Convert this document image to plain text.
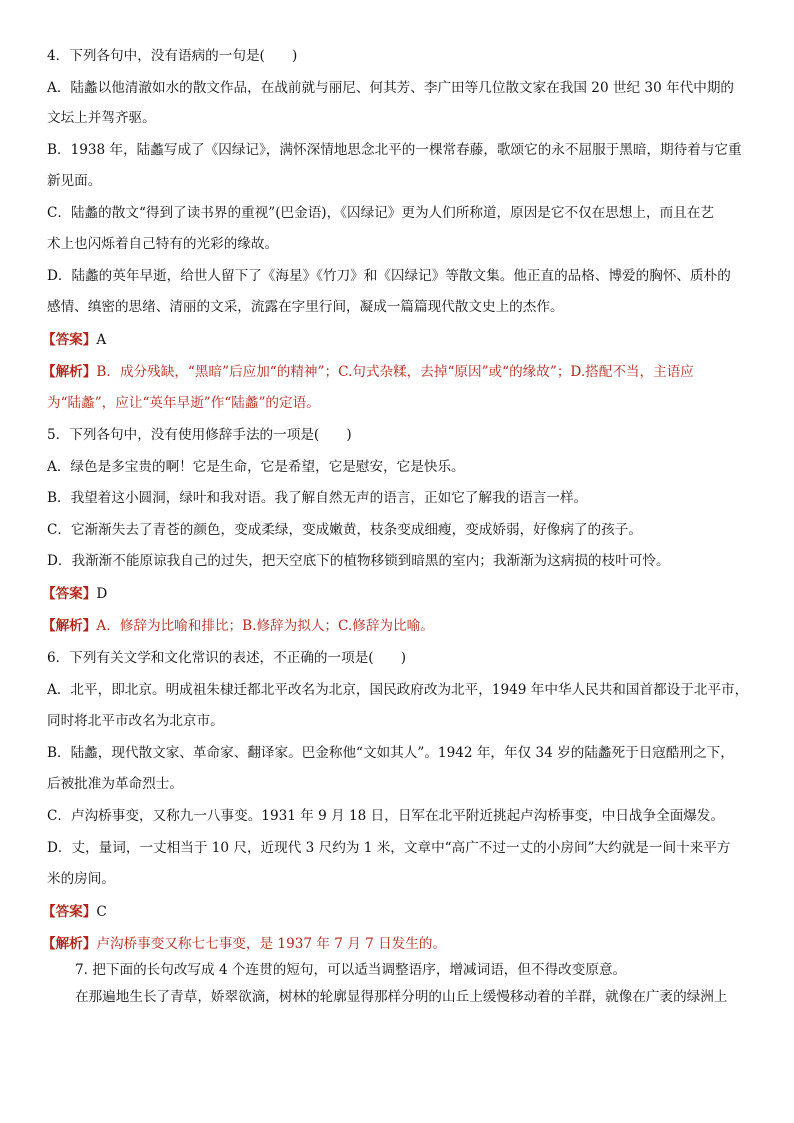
4．下列各句中，没有语病的一句是(　　)
A．陆蠡以他清澈如水的散文作品，在战前就与丽尼、何其芳、李广田等几位散文家在我国 20 世纪 30 年代中期的
文坛上并驾齐驱。
B．1938 年，陆蠡写成了《囚绿记》，满怀深情地思念北平的一棵常春藤，歌颂它的永不屈服于黑暗，期待着与它重
新见面。
C．陆蠡的散文“得到了读书界的重视”(巴金语)，《囚绿记》更为人们所称道，原因是它不仅在思想上，而且在艺
术上也闪烁着自己特有的光彩的缘故。
D．陆蠡的英年早逝，给世人留下了《海星》《竹刀》和《囚绿记》等散文集。他正直的品格、博爱的胸怀、质朴的
感情、缜密的思绪、清丽的文采，流露在字里行间，凝成一篇篇现代散文史上的杰作。
【答案】A
【解析】B．成分残缺，“黑暗”后应加“的精神”；C.句式杂糅，去掉“原因”或“的缘故”；D.搭配不当，主语应
为“陆蠡”，应让“英年早逝”作“陆蠡”的定语。
5．下列各句中，没有使用修辞手法的一项是(　　)
A．绿色是多宝贵的啊！它是生命，它是希望，它是慰安，它是快乐。
B．我望着这小圆洞，绿叶和我对语。我了解自然无声的语言，正如它了解我的语言一样。
C．它渐渐失去了青苍的颜色，变成柔绿，变成嫩黄，枝条变成细瘦，变成娇弱，好像病了的孩子。
D．我渐渐不能原谅我自己的过失，把天空底下的植物移锁到暗黑的室内；我渐渐为这病损的枝叶可怜。
【答案】D
【解析】A．修辞为比喻和排比；B.修辞为拟人；C.修辞为比喻。
6．下列有关文学和文化常识的表述，不正确的一项是(　　)
A．北平，即北京。明成祖朱棣迁都北平改名为北京，国民政府改为北平，1949 年中华人民共和国首都设于北平市，
同时将北平市改名为北京市。
B．陆蠡，现代散文家、革命家、翻译家。巴金称他“文如其人”。1942 年，年仅 34 岁的陆蠡死于日寇酷刑之下，
后被批准为革命烈士。
C．卢沟桥事变，又称九一八事变。1931 年 9 月 18 日，日军在北平附近挑起卢沟桥事变，中日战争全面爆发。
D．丈，量词，一丈相当于 10 尺，近现代 3 尺约为 1 米，文章中“高广不过一丈的小房间”大约就是一间十来平方
米的房间。
【答案】C
【解析】卢沟桥事变又称七七事变，是 1937 年 7 月 7 日发生的。
7. 把下面的长句改写成 4 个连贯的短句，可以适当调整语序，增减词语，但不得改变原意。
在那遍地生长了青草，娇翠欲滴，树林的轮廓显得那样分明的山丘上缓慢移动着的羊群，就像在广袤的绿洲上
